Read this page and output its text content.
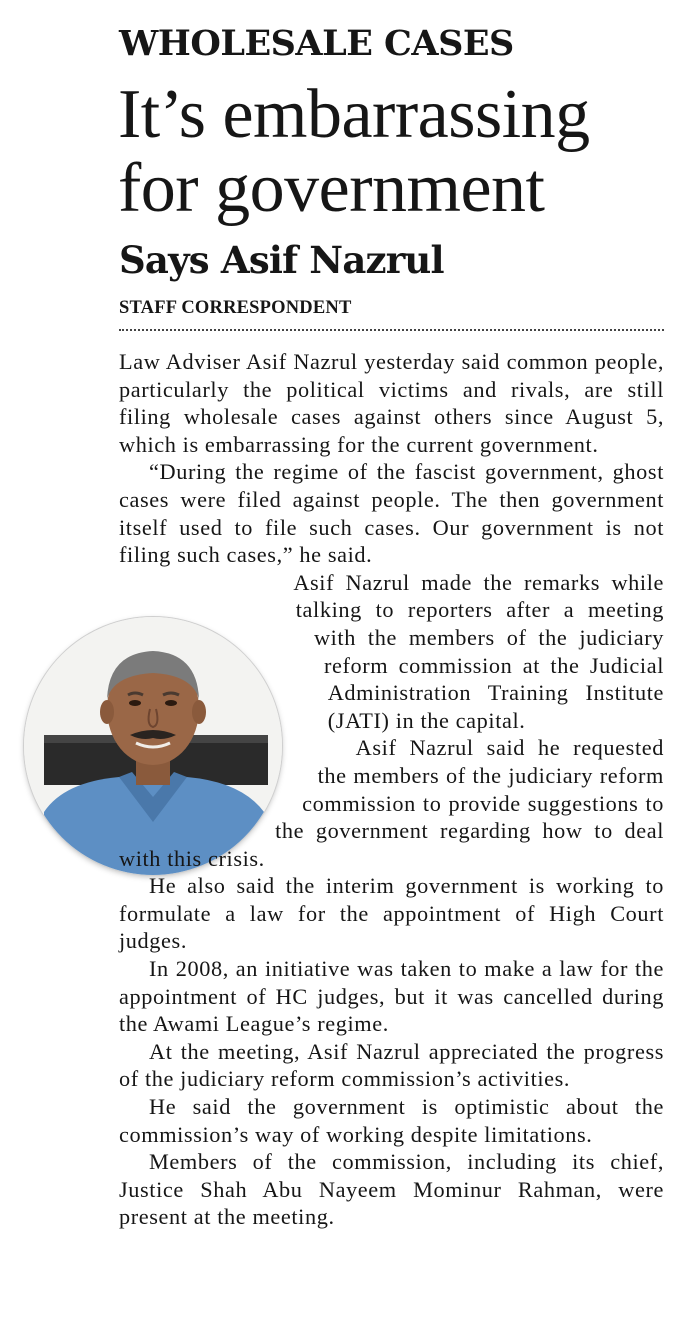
WHOLESALE CASES
It’s embarrassing
for government
Says Asif Nazrul
STAFF CORRESPONDENT

Law Adviser Asif Nazrul yesterday said common people, particularly the political victims and rivals, are still filing wholesale cases against others since August 5, which is embarrassing for the current government.

“During the regime of the fascist government, ghost cases were filed against people. The then government itself used to file such cases. Our government is not filing such cases,” he said.

Asif Nazrul made the remarks while talking to reporters after a meeting with the members of the judiciary reform commission at the Judicial Administration Training Institute (JATI) in the capital.

Asif Nazrul said he requested the members of the judiciary reform commission to provide suggestions to the government regarding how to deal with this crisis.

He also said the interim government is working to formulate a law for the appointment of High Court judges.

In 2008, an initiative was taken to make a law for the appointment of HC judges, but it was cancelled during the Awami League’s regime.

At the meeting, Asif Nazrul appreciated the progress of the judiciary reform commission’s activities.

He said the government is optimistic about the commission’s way of working despite limitations.

Members of the commission, including its chief, Justice Shah Abu Nayeem Mominur Rahman, were present at the meeting.
